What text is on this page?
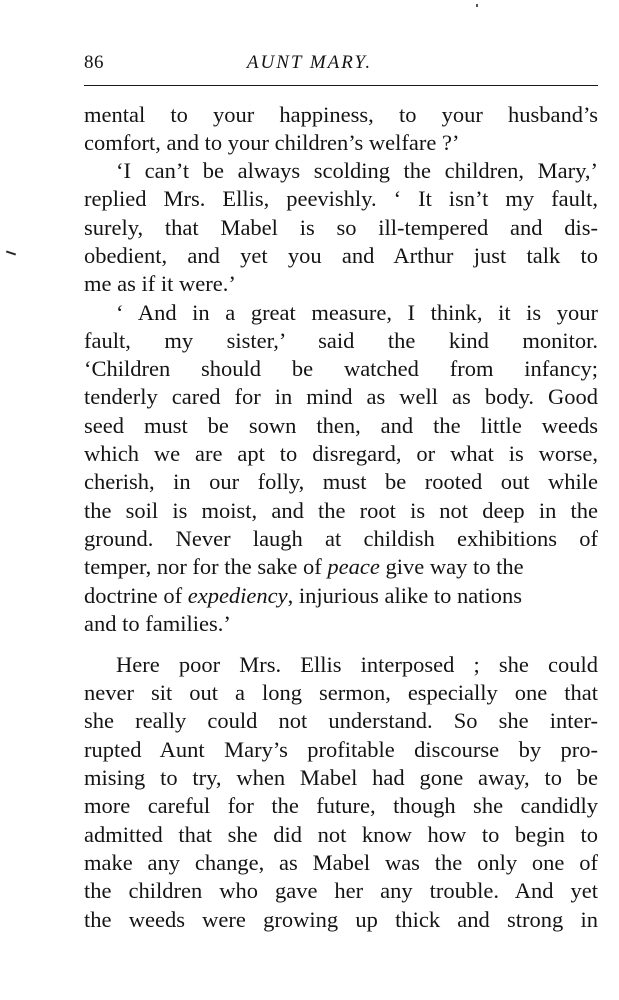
86	AUNT MARY.
mental to your happiness, to your husband’s
comfort, and to your children’s welfare ?’
‘I can’t be always scolding the children, Mary,’
replied Mrs. Ellis, peevishly. ‘ It isn’t my fault,
surely, that Mabel is so ill-tempered and dis-
obedient, and yet you and Arthur just talk to
me as if it were.’
‘ And in a great measure, I think, it is your
fault, my sister,’ said the kind monitor.
‘Children should be watched from infancy;
tenderly cared for in mind as well as body. Good
seed must be sown then, and the little weeds
which we are apt to disregard, or what is worse,
cherish, in our folly, must be rooted out while
the soil is moist, and the root is not deep in the
ground. Never laugh at childish exhibitions of
temper, nor for the sake of peace give way to the
doctrine of expediency, injurious alike to nations
and to families.’
Here poor Mrs. Ellis interposed ; she could
never sit out a long sermon, especially one that
she really could not understand. So she inter-
rupted Aunt Mary’s profitable discourse by pro-
mising to try, when Mabel had gone away, to be
more careful for the future, though she candidly
admitted that she did not know how to begin to
make any change, as Mabel was the only one of
the children who gave her any trouble. And yet
the weeds were growing up thick and strong in
